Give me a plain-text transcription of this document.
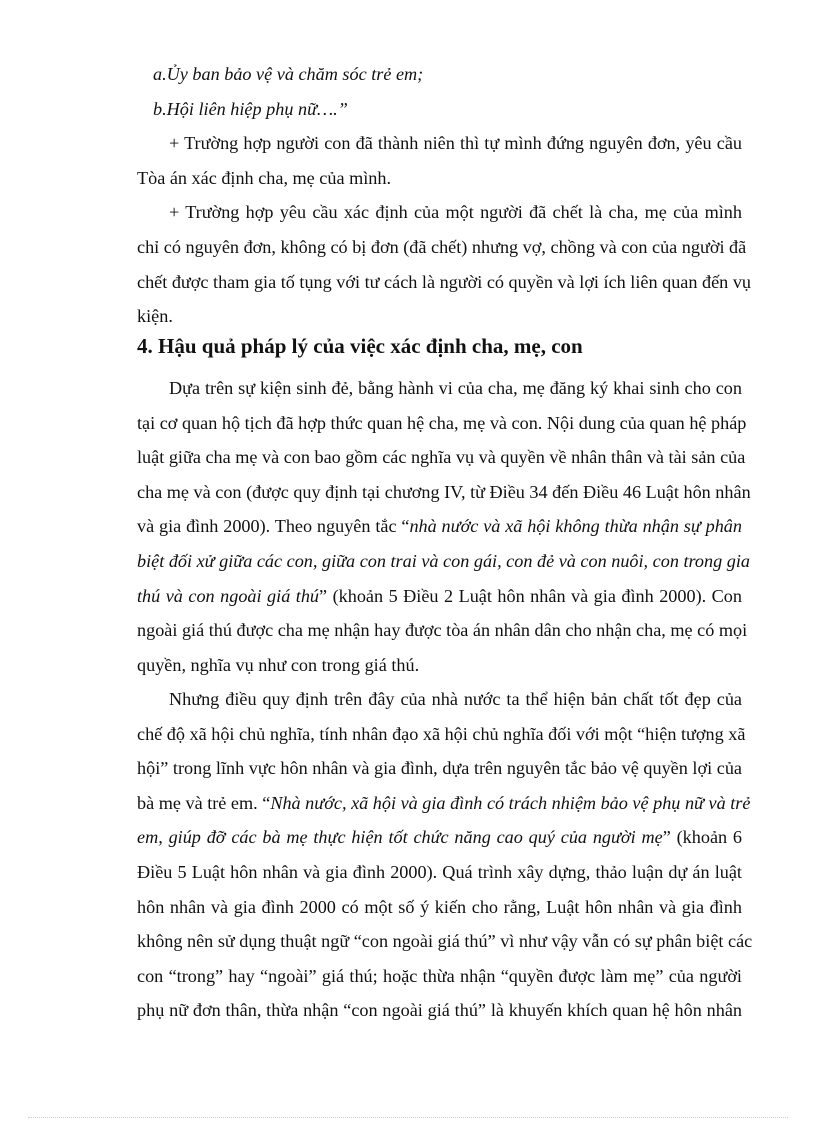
a.Ủy ban bảo vệ và chăm sóc trẻ em;
b.Hội liên hiệp phụ nữ….”
+ Trường hợp người con đã thành niên thì tự mình đứng nguyên đơn, yêu cầu
Tòa án xác định cha, mẹ của mình.
+ Trường hợp yêu cầu xác định của một người đã chết là cha, mẹ của mình
chỉ có nguyên đơn, không có bị đơn (đã chết) nhưng vợ, chồng và con của người đã
chết được tham gia tố tụng với tư cách là người có quyền và lợi ích liên quan đến vụ
kiện.
4. Hậu quả pháp lý của việc xác định cha, mẹ, con
Dựa trên sự kiện sinh đẻ, bằng hành vi của cha, mẹ đăng ký khai sinh cho con
tại cơ quan hộ tịch đã hợp thức quan hệ cha, mẹ và con. Nội dung của quan hệ pháp
luật giữa cha mẹ và con bao gồm các nghĩa vụ và quyền về nhân thân và tài sản của
cha mẹ và con (được quy định tại chương IV, từ Điều 34 đến Điều 46 Luật hôn nhân
và gia đình 2000). Theo nguyên tắc “nhà nước và xã hội không thừa nhận sự phân
biệt đối xử giữa các con, giữa con trai và con gái, con đẻ và con nuôi, con trong gia
thú và con ngoài giá thú” (khoản 5 Điều 2 Luật hôn nhân và gia đình 2000). Con
ngoài giá thú được cha mẹ nhận hay được tòa án nhân dân cho nhận cha, mẹ có mọi
quyền, nghĩa vụ như con trong giá thú.
Nhưng điều quy định trên đây của nhà nước ta thể hiện bản chất tốt đẹp của
chế độ xã hội chủ nghĩa, tính nhân đạo xã hội chủ nghĩa đối với một “hiện tượng xã
hội” trong lĩnh vực hôn nhân và gia đình, dựa trên nguyên tắc bảo vệ quyền lợi của
bà mẹ và trẻ em. “Nhà nước, xã hội và gia đình có trách nhiệm bảo vệ phụ nữ và trẻ
em, giúp đỡ các bà mẹ thực hiện tốt chức năng cao quý của người mẹ” (khoản 6
Điều 5 Luật hôn nhân và gia đình 2000). Quá trình xây dựng, thảo luận dự án luật
hôn nhân và gia đình 2000 có một số ý kiến cho rằng, Luật hôn nhân và gia đình
không nên sử dụng thuật ngữ “con ngoài giá thú” vì như vậy vẫn có sự phân biệt các
con “trong” hay “ngoài” giá thú; hoặc thừa nhận “quyền được làm mẹ” của người
phụ nữ đơn thân, thừa nhận “con ngoài giá thú” là khuyến khích quan hệ hôn nhân
